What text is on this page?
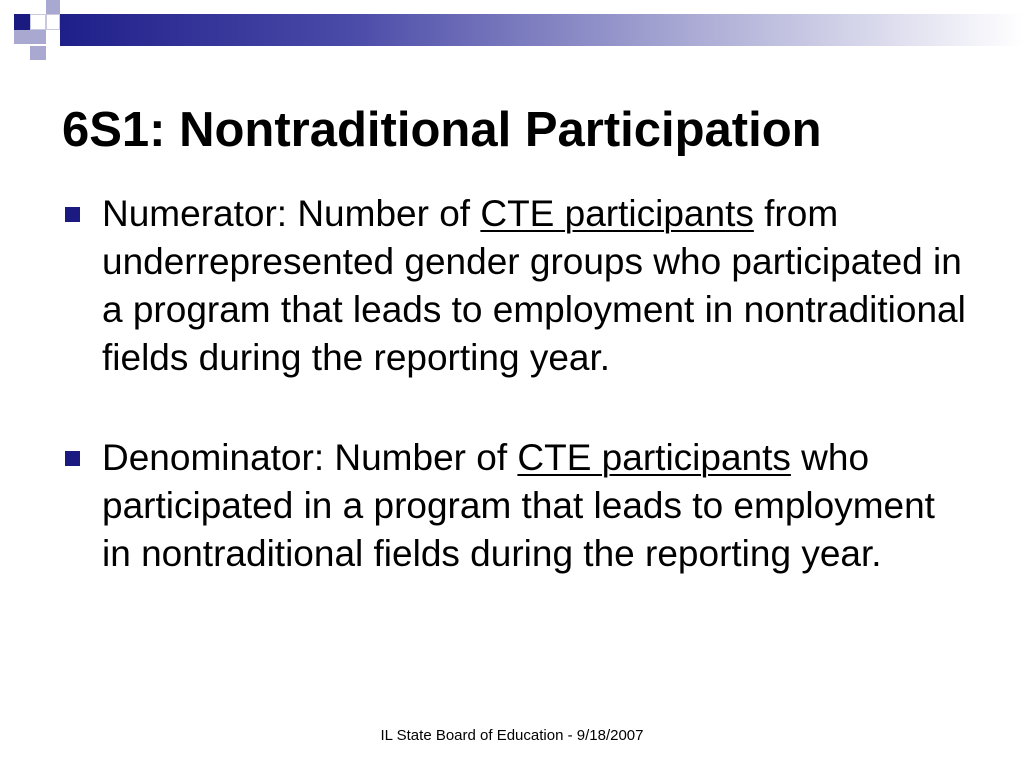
6S1: Nontraditional Participation
Numerator: Number of CTE participants from underrepresented gender groups who participated in a program that leads to employment in nontraditional fields during the reporting year.
Denominator: Number of CTE participants who participated in a program that leads to employment in nontraditional fields during the reporting year.
IL State Board of Education - 9/18/2007
